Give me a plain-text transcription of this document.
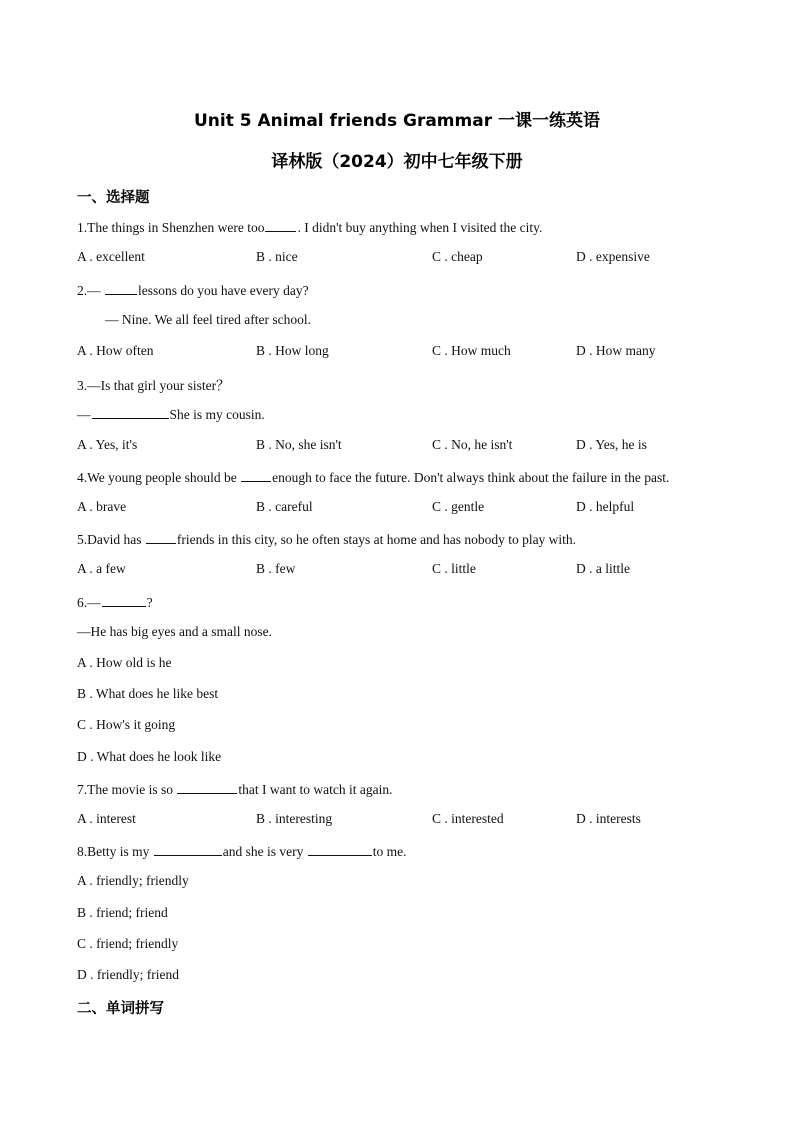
Unit 5 Animal friends Grammar 一课一练英语
译林版（2024）初中七年级下册
一、选择题
1.The things in Shenzhen were too . I didn't buy anything when I visited the city.
A . excellent	B . nice	C . cheap	D . expensive
2.—	lessons do you have every day?
— Nine. We all feel tired after school.
A . How often	B . How long	C . How much	D . How many
3.—Is that girl your sister？
—	She is my cousin.
A . Yes, it's	B . No, she isn't	C . No, he isn't	D . Yes, he is
4.We young people should be enough to face the future. Don't always think about the failure in the past.
A . brave	B . careful	C . gentle	D . helpful
5.David has friends in this city, so he often stays at home and has nobody to play with.
A . a few	B . few	C . little	D . a little
6.—	?
—He has big eyes and a small nose.
A . How old is he
B . What does he like best
C . How's it going
D . What does he look like
7.The movie is so	that I want to watch it again.
A . interest	B . interesting	C . interested	D . interests
8.Betty is my	and she is very	to me.
A . friendly; friendly
B . friend; friend
C . friend; friendly
D . friendly; friend
二、单词拼写
